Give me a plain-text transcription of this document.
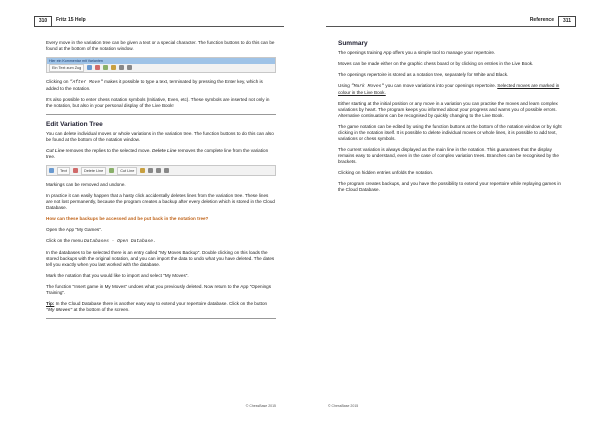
310	Fritz 15 Help

Every move in the variation tree can be given a text or a special character. The function buttons to do this can be found at the bottom of the notation window.

Hier ein Kommentar mit Varianten
Ein Text zum Zug

Clicking on "After Move" makes it possible to type a text, terminated by pressing the Enter key, which is added to the notation.

It's also possible to enter chess notation symbols (Initiative, Even, etc). These symbols are inserted not only in the notation, but also in your personal display of the Live Book!

Edit Variation Tree

You can delete individual moves or whole variations in the variation tree. The function buttons to do this can also be found at the bottom of the notation window.

Cut Line removes the replies to the selected move. Delete Line removes the complete line from the variation tree.

Text	Delete Line	Cut Line

Markings can be removed and undone.

In practice it can easily happen that a hasty click accidentally deletes lines from the variation tree. These lines are not lost permanently, because the program creates a backup after every deletion which is stored in the Cloud Database.

How can these backups be accessed and be put back in the notation tree?

Open the App "My Games".

Click on the menu Databases - Open Database.

In the databases to be selected there is an entry called "My Moves Backup". Double clicking on this loads the stored backups with the original notation, and you can import the data to undo what you have deleted. The dates tell you exactly when you last worked with the database.

Mark the notation that you would like to import and select "My Moves".

The function "Insert game in My Moves" undoes what you previously deleted. Now return to the App "Openings Training".

Tip: In the Cloud Database there is another easy way to extend your repertoire database. Click on the button "My Moves" at the bottom of the screen.

© ChessBase 2015
Reference	311
Summary

The openings training App offers you a simple tool to manage your repertoire.

Moves can be made either on the graphic chess board or by clicking on entries in the Live Book.

The openings repertoire is stored as a notation tree, separately for White and Black.

Using "Mark Moves" you can move variations into your openings repertoire. Selected moves are marked in colour in the Live Book.

Either starting at the initial position or any move in a variation you can practise the moves and learn complex variations by heart. The program keeps you informed about your progress and warns you of possible errors. Alternative continuations can be recognised by quickly changing to the Live Book.

The game notation can be edited by using the function buttons at the bottom of the notation window or by right clicking in the notation itself. It is possible to delete individual moves or whole lines, it is possible to add text, variations or chess symbols.

The current variation is always displayed as the main line in the notation. This guarantees that the display remains easy to understand, even in the case of complex variation trees. Branches can be recognised by the brackets.

Clicking on hidden entries unfolds the notation.

The program creates backups, and you have the possibility to extend your repertoire while replaying games in the Cloud Database.

© ChessBase 2015
